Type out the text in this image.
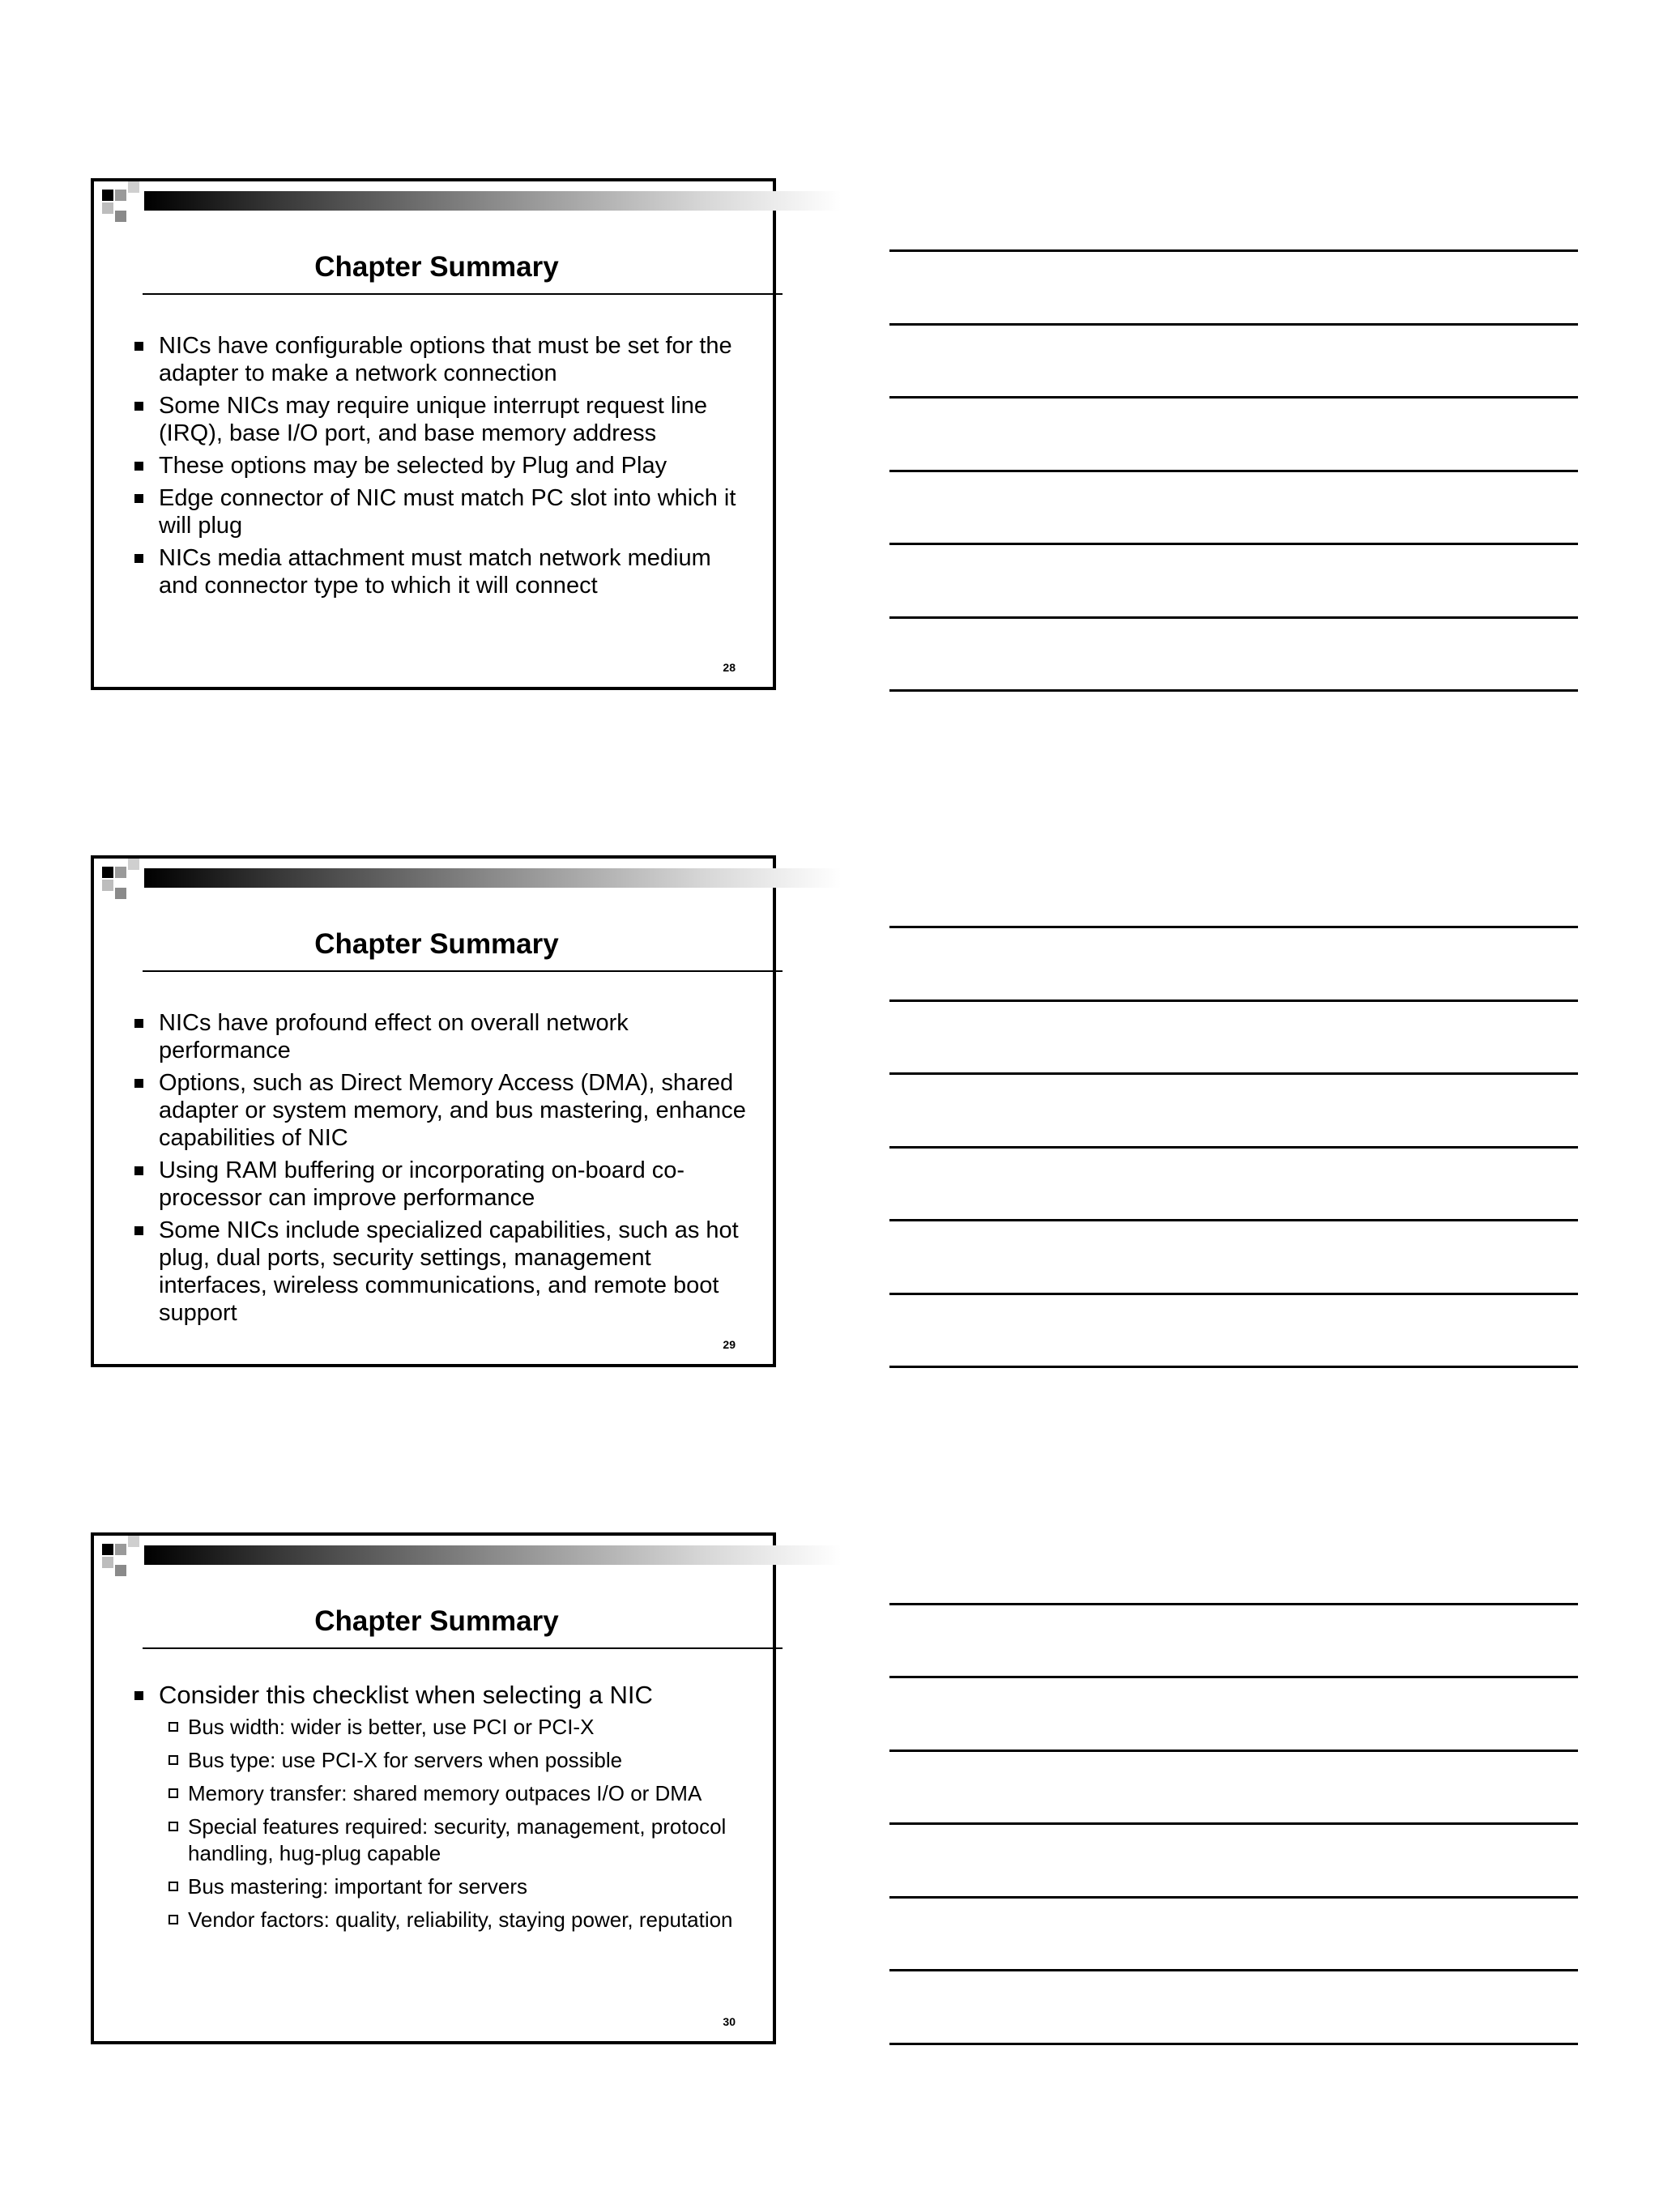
Chapter Summary
NICs have configurable options that must be set for the adapter to make a network connection
Some NICs may require unique interrupt request line (IRQ), base I/O port, and base memory address
These options may be selected by Plug and Play
Edge connector of NIC must match PC slot into which it will plug
NICs media attachment must match network medium and connector type to which it will connect
28
Chapter Summary
NICs have profound effect on overall network performance
Options, such as Direct Memory Access (DMA), shared adapter or system memory, and bus mastering, enhance capabilities of NIC
Using RAM buffering or incorporating on-board co-processor can improve performance
Some NICs include specialized capabilities, such as hot plug, dual ports, security settings, management interfaces, wireless communications, and remote boot support
29
Chapter Summary
Consider this checklist when selecting a NIC
Bus width: wider is better, use PCI or PCI-X
Bus type: use PCI-X for servers when possible
Memory transfer: shared memory outpaces I/O or DMA
Special features required: security, management, protocol handling, hug-plug capable
Bus mastering: important for servers
Vendor factors: quality, reliability, staying power, reputation
30
